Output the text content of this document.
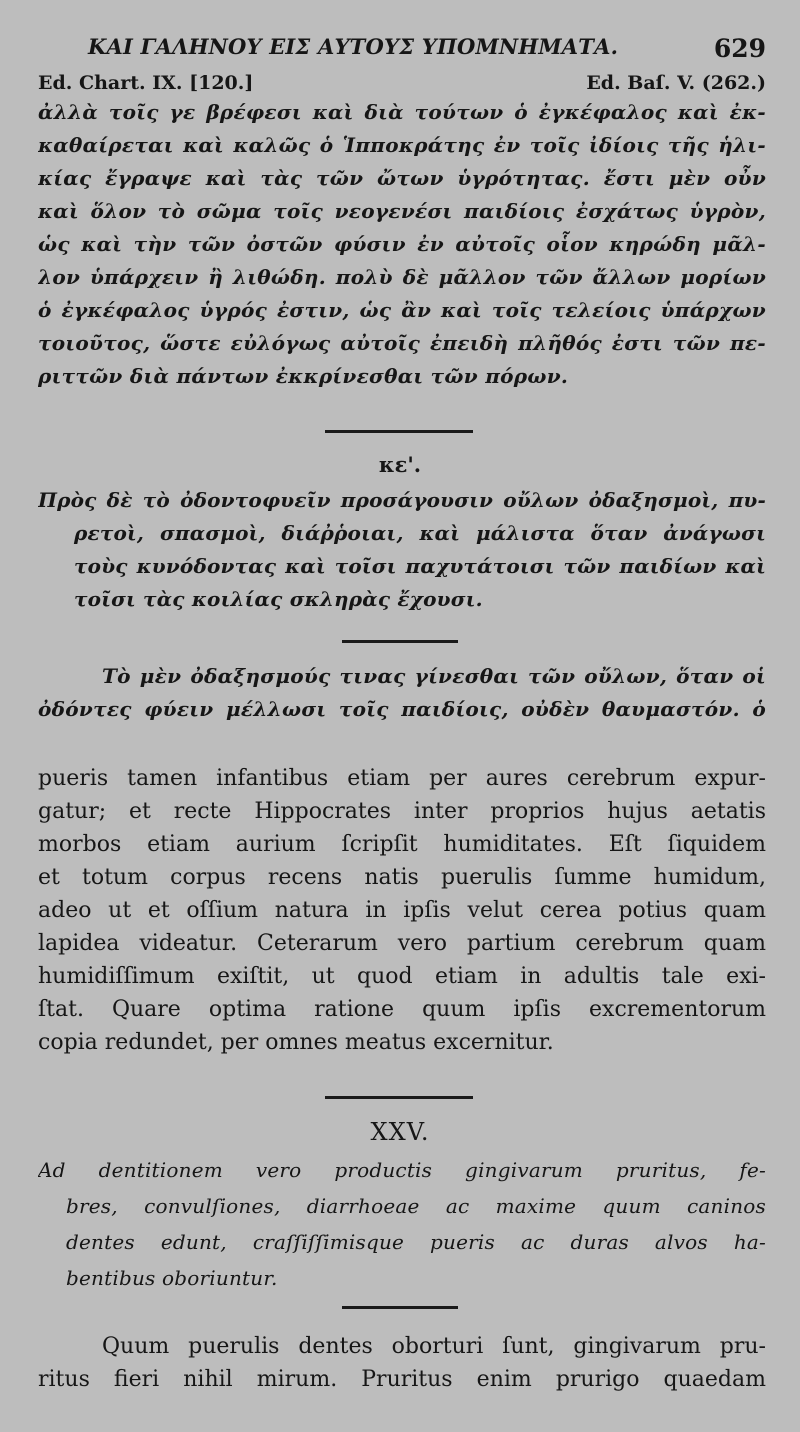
ΚΑΙ ΓΑΛΗΝΟΥ ΕΙΣ ΑΥΤΟΥΣ ΥΠΟΜΝΗΜΑΤΑ.	629
Ed. Chart. IX. [120.]	Ed. Baſ. V. (262.)
ἀλλὰ τοῖς γε βρέφεσι καὶ διὰ τούτων ὁ ἐγκέφαλος καὶ ἐκ-
καθαίρεται καὶ καλῶς ὁ Ἱπποκράτης ἐν τοῖς ἰδίοις τῆς ἡλι-
κίας ἔγραψε καὶ τὰς τῶν ὤτων ὑγρότητας. ἔστι μὲν οὖν
καὶ ὅλον τὸ σῶμα τοῖς νεογενέσι παιδίοις ἐσχάτως ὑγρὸν,
ὡς καὶ τὴν τῶν ὀστῶν φύσιν ἐν αὐτοῖς οἷον κηρώδη μᾶλ-
λον ὑπάρχειν ἢ λιθώδη. πολὺ δὲ μᾶλλον τῶν ἄλλων μορίων
ὁ ἐγκέφαλος ὑγρός ἐστιν, ὡς ἂν καὶ τοῖς τελείοις ὑπάρχων
τοιοῦτος, ὥστε εὐλόγως αὐτοῖς ἐπειδὴ πλῆθός ἐστι τῶν πε-
ριττῶν διὰ πάντων ἐκκρίνεσθαι τῶν πόρων.
κε'.
Πρὸς δὲ τὸ ὀδοντοφυεῖν προσάγουσιν οὔλων ὀδαξησμοὶ, πυ-
ρετοὶ, σπασμοὶ, διάῤῥοιαι, καὶ μάλιστα ὅταν ἀνάγωσι
τοὺς κυνόδοντας καὶ τοῖσι παχυτάτοισι τῶν παιδίων καὶ
τοῖσι τὰς κοιλίας σκληρὰς ἔχουσι.
Τὸ μὲν ὀδαξησμούς τινας γίνεσθαι τῶν οὔλων, ὅταν οἱ
ὀδόντες φύειν μέλλωσι τοῖς παιδίοις, οὐδὲν θαυμαστόν. ὁ
pueris tamen infantibus etiam per aures cerebrum expur-
gatur; et recte Hippocrates inter proprios hujus aetatis
morbos etiam aurium ſcripſit humiditates. Eſt ſiquidem
et totum corpus recens natis puerulis ſumme humidum,
adeo ut et oſſium natura in ipſis velut cerea potius quam
lapidea videatur. Ceterarum vero partium cerebrum quam
humidiſſimum exiſtit, ut quod etiam in adultis tale exi-
ſtat. Quare optima ratione quum ipſis excrementorum
copia redundet, per omnes meatus excernitur.
XXV.
Ad dentitionem vero productis gingivarum pruritus, fe-
bres, convulſiones, diarrhoeae ac maxime quum caninos
dentes edunt, craſſiſſimisque pueris ac duras alvos ha-
bentibus oboriuntur.
Quum puerulis dentes oborturi ſunt, gingivarum pru-
ritus fieri nihil mirum. Pruritus enim prurigo quaedam
